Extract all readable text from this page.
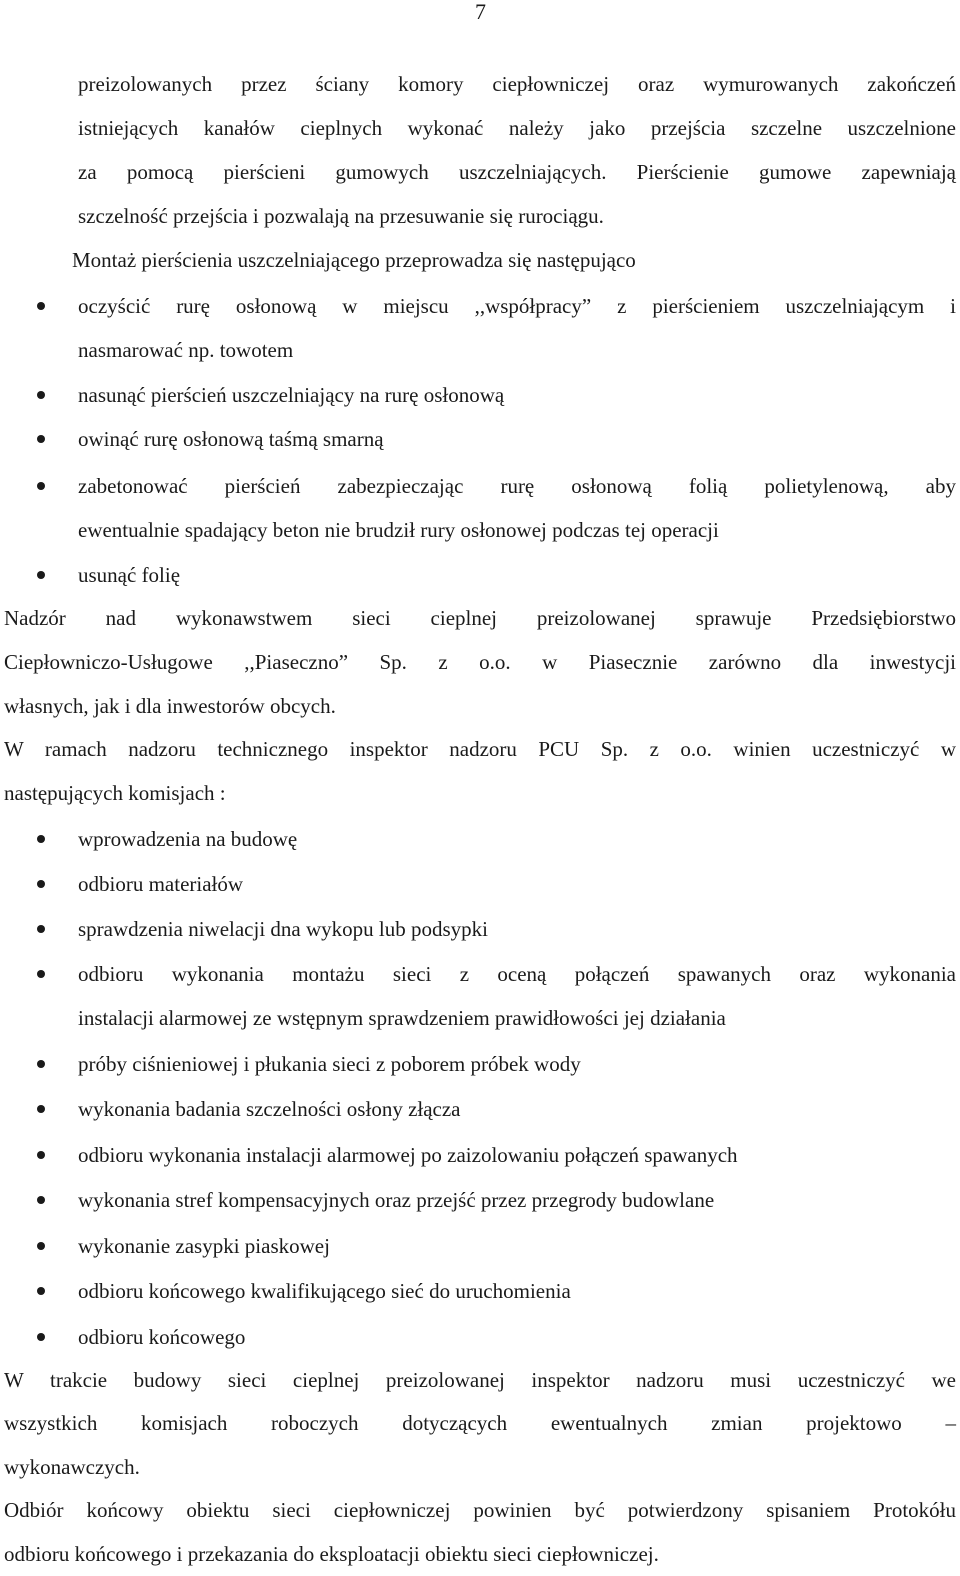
7
preizolowanych przez ściany komory ciepłowniczej oraz wymurowanych zakończeń
istniejących kanałów cieplnych wykonać należy jako przejścia szczelne uszczelnione
za pomocą pierścieni gumowych uszczelniających. Pierścienie gumowe zapewniają
szczelność przejścia i pozwalają na przesuwanie się rurociągu.
Montaż pierścienia uszczelniającego przeprowadza się następująco
oczyścić rurę osłonową w miejscu ,,współpracy” z pierścieniem uszczelniającym i
nasmarować np. towotem
nasunąć pierścień uszczelniający na rurę osłonową
owinąć rurę osłonową taśmą smarną
zabetonować pierścień zabezpieczając rurę osłonową folią polietylenową, aby
ewentualnie spadający beton nie brudził rury osłonowej podczas tej operacji
usunąć folię
Nadzór nad wykonawstwem sieci cieplnej preizolowanej sprawuje Przedsiębiorstwo
Ciepłowniczo-Usługowe ,,Piaseczno” Sp. z o.o. w Piasecznie zarówno dla inwestycji
własnych, jak i dla inwestorów obcych.
W ramach nadzoru technicznego inspektor nadzoru PCU Sp. z o.o. winien uczestniczyć w
następujących komisjach :
wprowadzenia na budowę
odbioru materiałów
sprawdzenia niwelacji dna wykopu lub podsypki
odbioru wykonania montażu sieci z oceną połączeń spawanych oraz wykonania
instalacji alarmowej ze wstępnym sprawdzeniem prawidłowości jej działania
próby ciśnieniowej i płukania sieci z poborem próbek wody
wykonania badania szczelności osłony złącza
odbioru wykonania instalacji alarmowej po zaizolowaniu połączeń spawanych
wykonania stref kompensacyjnych oraz przejść przez przegrody budowlane
wykonanie zasypki piaskowej
odbioru końcowego kwalifikującego sieć do uruchomienia
odbioru końcowego
W trakcie budowy sieci cieplnej preizolowanej inspektor nadzoru musi uczestniczyć we
wszystkich komisjach roboczych dotyczących ewentualnych zmian projektowo –
wykonawczych.
Odbiór końcowy obiektu sieci ciepłowniczej powinien być potwierdzony spisaniem Protokółu
odbioru końcowego i przekazania do eksploatacji obiektu sieci ciepłowniczej.
